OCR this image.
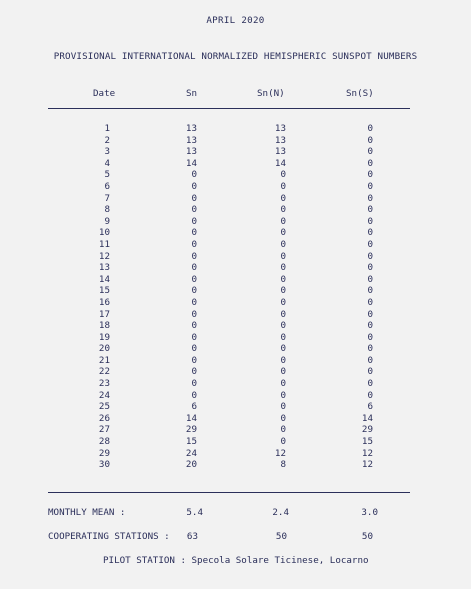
APRIL 2020
PROVISIONAL INTERNATIONAL NORMALIZED HEMISPHERIC SUNSPOT NUMBERS
Date	Sn	Sn(N)	Sn(S)
1	13	13	0
2	13	13	0
3	13	13	0
4	14	14	0
5	0	0	0
6	0	0	0
7	0	0	0
8	0	0	0
9	0	0	0
10	0	0	0
11	0	0	0
12	0	0	0
13	0	0	0
14	0	0	0
15	0	0	0
16	0	0	0
17	0	0	0
18	0	0	0
19	0	0	0
20	0	0	0
21	0	0	0
22	0	0	0
23	0	0	0
24	0	0	0
25	6	0	6
26	14	0	14
27	29	0	29
28	15	0	15
29	24	12	12
30	20	8	12
MONTHLY MEAN :	5.4	2.4	3.0
COOPERATING STATIONS :	63	50	50
PILOT STATION : Specola Solare Ticinese, Locarno
